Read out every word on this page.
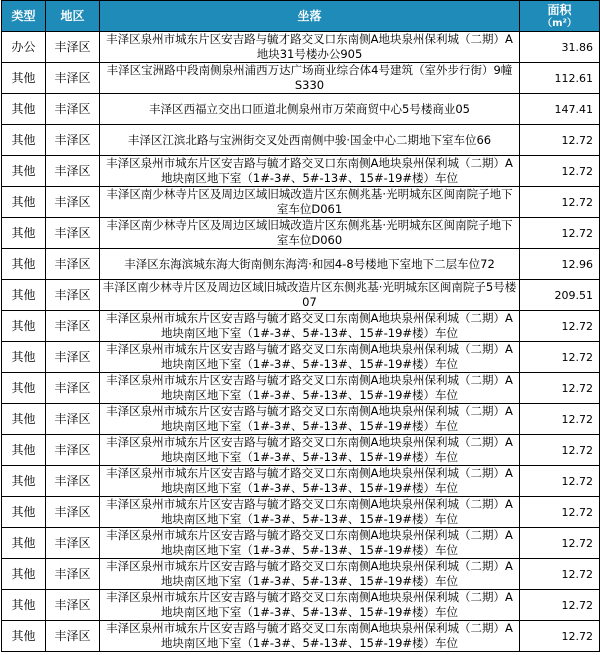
类型	地区	坐落	面积
（m²）

办公	丰泽区	丰泽区泉州市城东片区安吉路与毓才路交叉口东南侧A地块泉州保利城（二期）A地块31号楼办公905	31.86
其他	丰泽区	丰泽区宝洲路中段南侧泉州浦西万达广场商业综合体4号建筑（室外步行街）9幢S330	112.61
其他	丰泽区	丰泽区西福立交出口匝道北侧泉州市万荣商贸中心5号楼商业05	147.41
其他	丰泽区	丰泽区江滨北路与宝洲街交叉处西南侧中骏·国金中心二期地下室车位66	12.72
其他	丰泽区	丰泽区泉州市城东片区安吉路与毓才路交叉口东南侧A地块泉州保利城（二期）A地块南区地下室（1#-3#、5#-13#、15#-19#楼）车位	12.72
其他	丰泽区	丰泽区南少林寺片区及周边区域旧城改造片区东侧兆基·光明城东区闽南院子地下室车位D061	12.72
其他	丰泽区	丰泽区南少林寺片区及周边区域旧城改造片区东侧兆基·光明城东区闽南院子地下室车位D060	12.72
其他	丰泽区	丰泽区东海滨城东海大街南侧东海湾·和园4-8号楼地下室地下二层车位72	12.96
其他	丰泽区	丰泽区南少林寺片区及周边区域旧城改造片区东侧兆基·光明城东区闽南院子5号楼07	209.51
其他	丰泽区	丰泽区泉州市城东片区安吉路与毓才路交叉口东南侧A地块泉州保利城（二期）A地块南区地下室（1#-3#、5#-13#、15#-19#楼）车位	12.72
其他	丰泽区	丰泽区泉州市城东片区安吉路与毓才路交叉口东南侧A地块泉州保利城（二期）A地块南区地下室（1#-3#、5#-13#、15#-19#楼）车位	12.72
其他	丰泽区	丰泽区泉州市城东片区安吉路与毓才路交叉口东南侧A地块泉州保利城（二期）A地块南区地下室（1#-3#、5#-13#、15#-19#楼）车位	12.72
其他	丰泽区	丰泽区泉州市城东片区安吉路与毓才路交叉口东南侧A地块泉州保利城（二期）A地块南区地下室（1#-3#、5#-13#、15#-19#楼）车位	12.72
其他	丰泽区	丰泽区泉州市城东片区安吉路与毓才路交叉口东南侧A地块泉州保利城（二期）A地块南区地下室（1#-3#、5#-13#、15#-19#楼）车位	12.72
其他	丰泽区	丰泽区泉州市城东片区安吉路与毓才路交叉口东南侧A地块泉州保利城（二期）A地块南区地下室（1#-3#、5#-13#、15#-19#楼）车位	12.72
其他	丰泽区	丰泽区泉州市城东片区安吉路与毓才路交叉口东南侧A地块泉州保利城（二期）A地块南区地下室（1#-3#、5#-13#、15#-19#楼）车位	12.72
其他	丰泽区	丰泽区泉州市城东片区安吉路与毓才路交叉口东南侧A地块泉州保利城（二期）A地块南区地下室（1#-3#、5#-13#、15#-19#楼）车位	12.72
其他	丰泽区	丰泽区泉州市城东片区安吉路与毓才路交叉口东南侧A地块泉州保利城（二期）A地块南区地下室（1#-3#、5#-13#、15#-19#楼）车位	12.72
其他	丰泽区	丰泽区泉州市城东片区安吉路与毓才路交叉口东南侧A地块泉州保利城（二期）A地块南区地下室（1#-3#、5#-13#、15#-19#楼）车位	12.72
其他	丰泽区	丰泽区泉州市城东片区安吉路与毓才路交叉口东南侧A地块泉州保利城（二期）A地块南区地下室（1#-3#、5#-13#、15#-19#楼）车位	12.72
